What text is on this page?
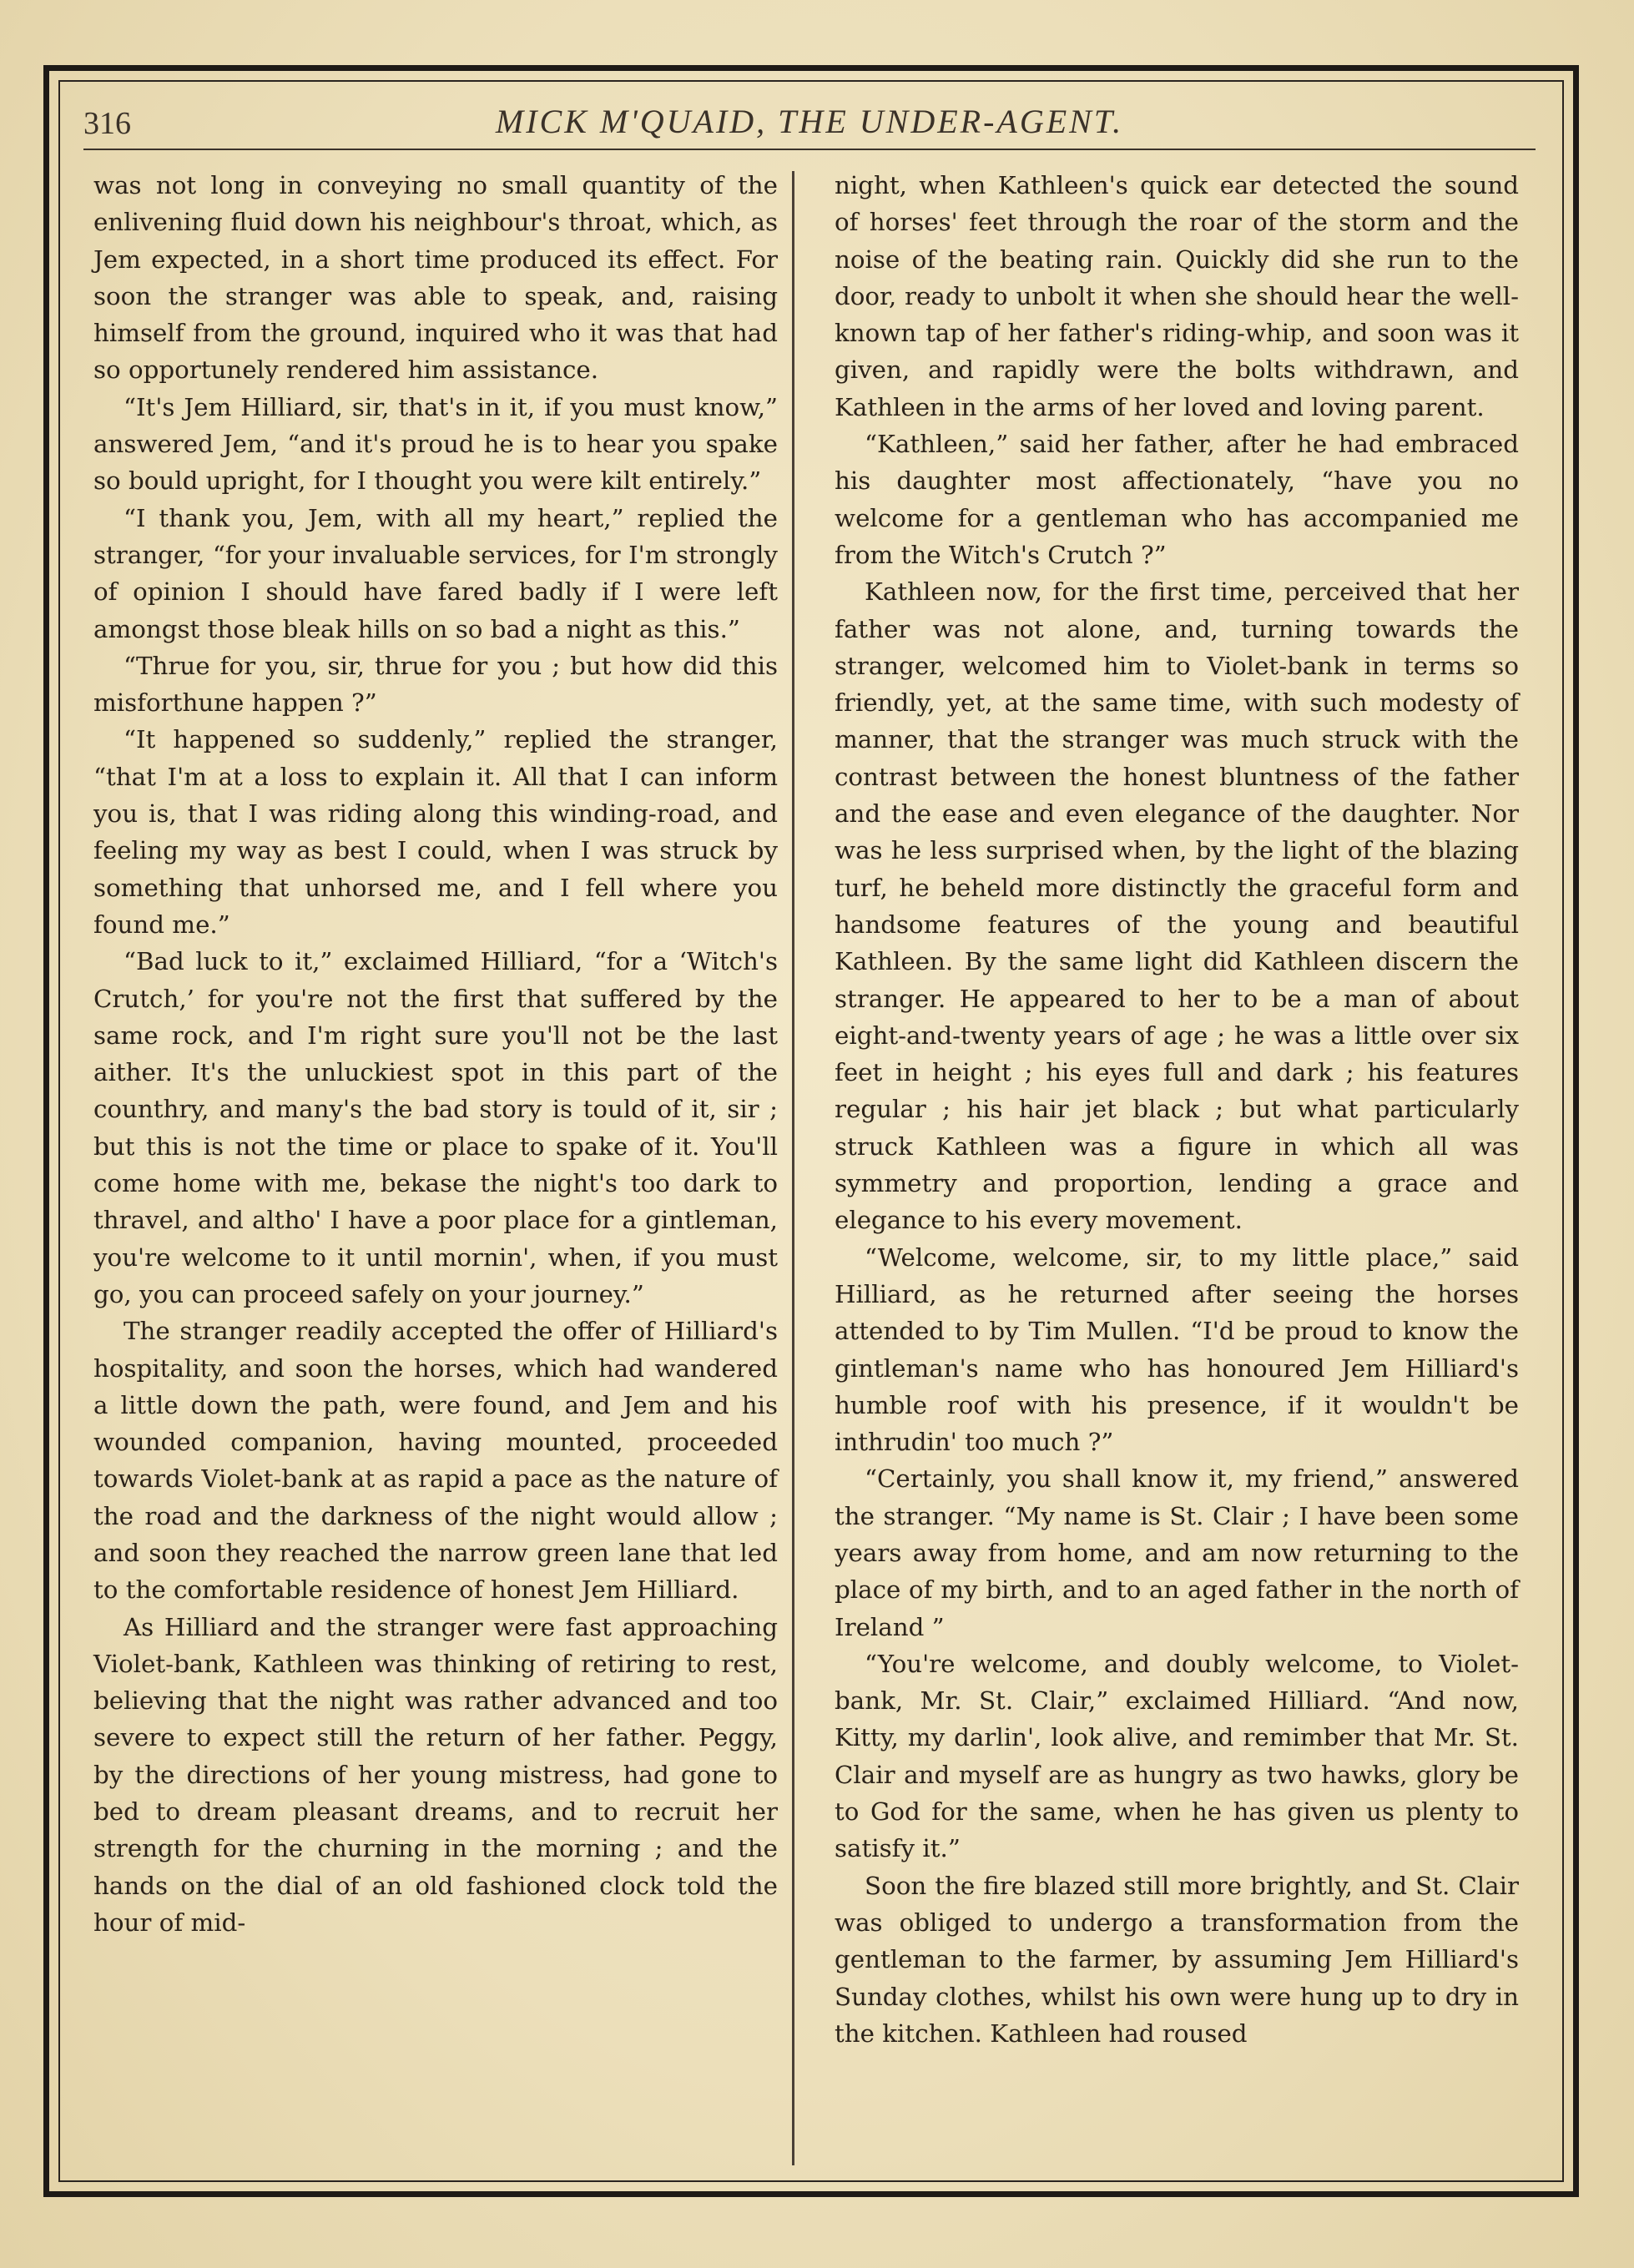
316	MICK M'QUAID, THE UNDER-AGENT.

was not long in conveying no small quantity of the enlivening fluid down his neighbour's throat, which, as Jem expected, in a short time produced its effect. For soon the stranger was able to speak, and, raising himself from the ground, inquired who it was that had so opportunely rendered him assistance.

“It's Jem Hilliard, sir, that's in it, if you must know,” answered Jem, “and it's proud he is to hear you spake so bould upright, for I thought you were kilt entirely.”

“I thank you, Jem, with all my heart,” replied the stranger, “for your invaluable services, for I'm strongly of opinion I should have fared badly if I were left amongst those bleak hills on so bad a night as this.”

“Thrue for you, sir, thrue for you ; but how did this misforthune happen ?”

“It happened so suddenly,” replied the stranger, “that I'm at a loss to explain it. All that I can inform you is, that I was riding along this winding-road, and feeling my way as best I could, when I was struck by something that unhorsed me, and I fell where you found me.”

“Bad luck to it,” exclaimed Hilliard, “for a ‘Witch's Crutch,’ for you're not the first that suffered by the same rock, and I'm right sure you'll not be the last aither. It's the unluckiest spot in this part of the counthry, and many's the bad story is tould of it, sir ; but this is not the time or place to spake of it. You'll come home with me, bekase the night's too dark to thravel, and altho' I have a poor place for a gintleman, you're welcome to it until mornin', when, if you must go, you can proceed safely on your journey.”

The stranger readily accepted the offer of Hilliard's hospitality, and soon the horses, which had wandered a little down the path, were found, and Jem and his wounded companion, having mounted, proceeded towards Violet-bank at as rapid a pace as the nature of the road and the darkness of the night would allow ; and soon they reached the narrow green lane that led to the comfortable residence of honest Jem Hilliard.

As Hilliard and the stranger were fast approaching Violet-bank, Kathleen was thinking of retiring to rest, believing that the night was rather advanced and too severe to expect still the return of her father. Peggy, by the directions of her young mistress, had gone to bed to dream pleasant dreams, and to recruit her strength for the churning in the morning ; and the hands on the dial of an old fashioned clock told the hour of mid-

night, when Kathleen's quick ear detected the sound of horses' feet through the roar of the storm and the noise of the beating rain. Quickly did she run to the door, ready to unbolt it when she should hear the well-known tap of her father's riding-whip, and soon was it given, and rapidly were the bolts withdrawn, and Kathleen in the arms of her loved and loving parent.

“Kathleen,” said her father, after he had embraced his daughter most affectionately, “have you no welcome for a gentleman who has accompanied me from the Witch's Crutch ?”

Kathleen now, for the first time, perceived that her father was not alone, and, turning towards the stranger, welcomed him to Violet-bank in terms so friendly, yet, at the same time, with such modesty of manner, that the stranger was much struck with the contrast between the honest bluntness of the father and the ease and even elegance of the daughter. Nor was he less surprised when, by the light of the blazing turf, he beheld more distinctly the graceful form and handsome features of the young and beautiful Kathleen. By the same light did Kathleen discern the stranger. He appeared to her to be a man of about eight-and-twenty years of age ; he was a little over six feet in height ; his eyes full and dark ; his features regular ; his hair jet black ; but what particularly struck Kathleen was a figure in which all was symmetry and proportion, lending a grace and elegance to his every movement.

“Welcome, welcome, sir, to my little place,” said Hilliard, as he returned after seeing the horses attended to by Tim Mullen. “I'd be proud to know the gintleman's name who has honoured Jem Hilliard's humble roof with his presence, if it wouldn't be inthrudin' too much ?”

“Certainly, you shall know it, my friend,” answered the stranger. “My name is St. Clair ; I have been some years away from home, and am now returning to the place of my birth, and to an aged father in the north of Ireland ”

“You're welcome, and doubly welcome, to Violet-bank, Mr. St. Clair,” exclaimed Hilliard. “And now, Kitty, my darlin', look alive, and remimber that Mr. St. Clair and myself are as hungry as two hawks, glory be to God for the same, when he has given us plenty to satisfy it.”

Soon the fire blazed still more brightly, and St. Clair was obliged to undergo a transformation from the gentleman to the farmer, by assuming Jem Hilliard's Sunday clothes, whilst his own were hung up to dry in the kitchen. Kathleen had roused
